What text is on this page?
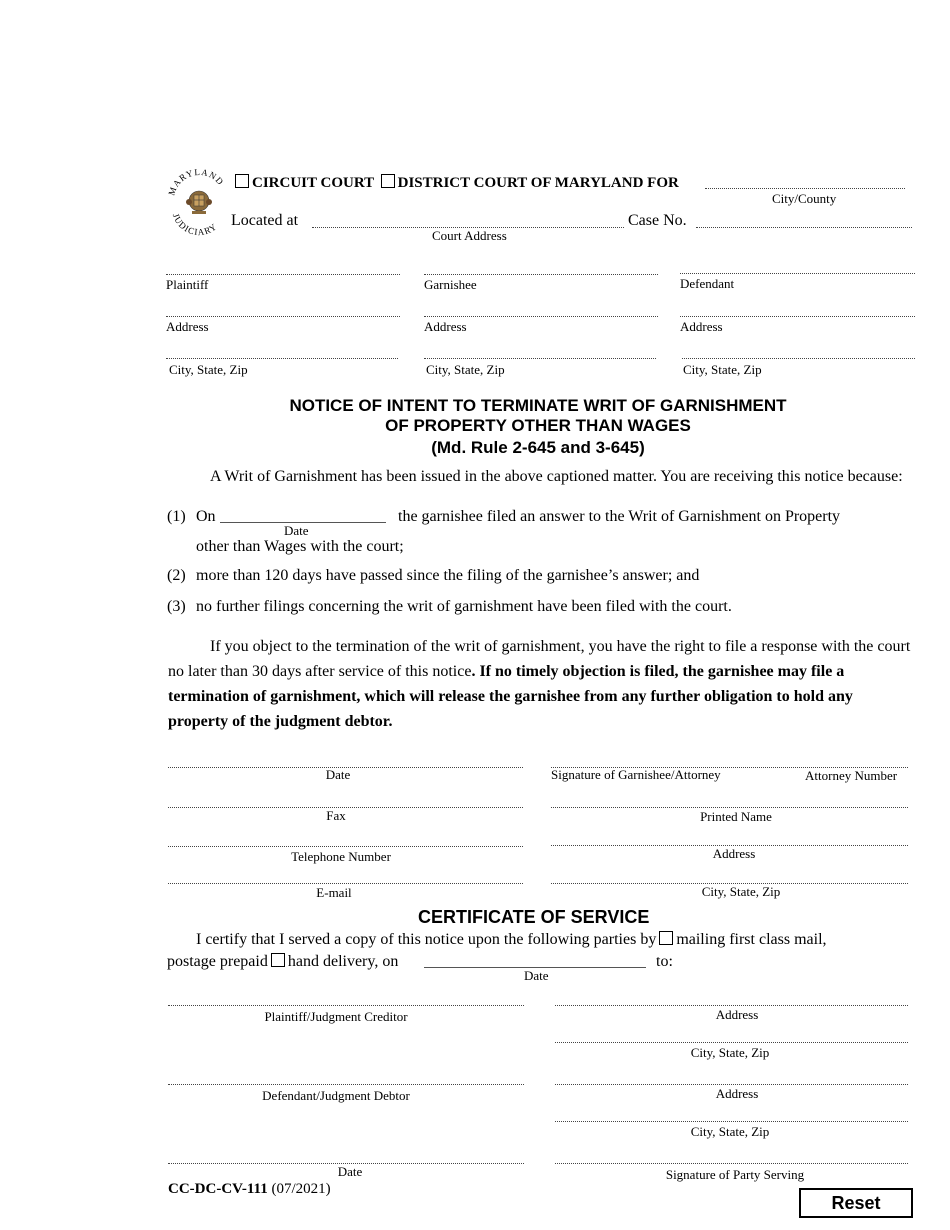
MARYLAND
JUDICIARY
CIRCUIT COURT DISTRICT COURT OF MARYLAND FOR
City/County
Located at
Court Address
Case No.
Plaintiff
Address
City, State, Zip
Garnishee
Address
City, State, Zip
Defendant
Address
City, State, Zip
NOTICE OF INTENT TO TERMINATE WRIT OF GARNISHMENT
OF PROPERTY OTHER THAN WAGES
(Md. Rule 2-645 and 3-645)
A Writ of Garnishment has been issued in the above captioned matter. You are receiving this notice because:
(1) On
Date
the garnishee filed an answer to the Writ of Garnishment on Property
other than Wages with the court;
(2) more than 120 days have passed since the filing of the garnishee’s answer; and
(3) no further filings concerning the writ of garnishment have been filed with the court.
If you object to the termination of the writ of garnishment, you have the right to file a response with the court no later than 30 days after service of this notice. If no timely objection is filed, the garnishee may file a termination of garnishment, which will release the garnishee from any further obligation to hold any property of the judgment debtor.
Date
Fax
Telephone Number
E-mail
Signature of Garnishee/Attorney	Attorney Number
Printed Name
Address
City, State, Zip
CERTIFICATE OF SERVICE
I certify that I served a copy of this notice upon the following parties by mailing first class mail,
postage prepaid hand delivery, on
Date
to:
Plaintiff/Judgment Creditor
Defendant/Judgment Debtor
Date
Address
City, State, Zip
Address
City, State, Zip
Signature of Party Serving
CC-DC-CV-111 (07/2021)
Reset
